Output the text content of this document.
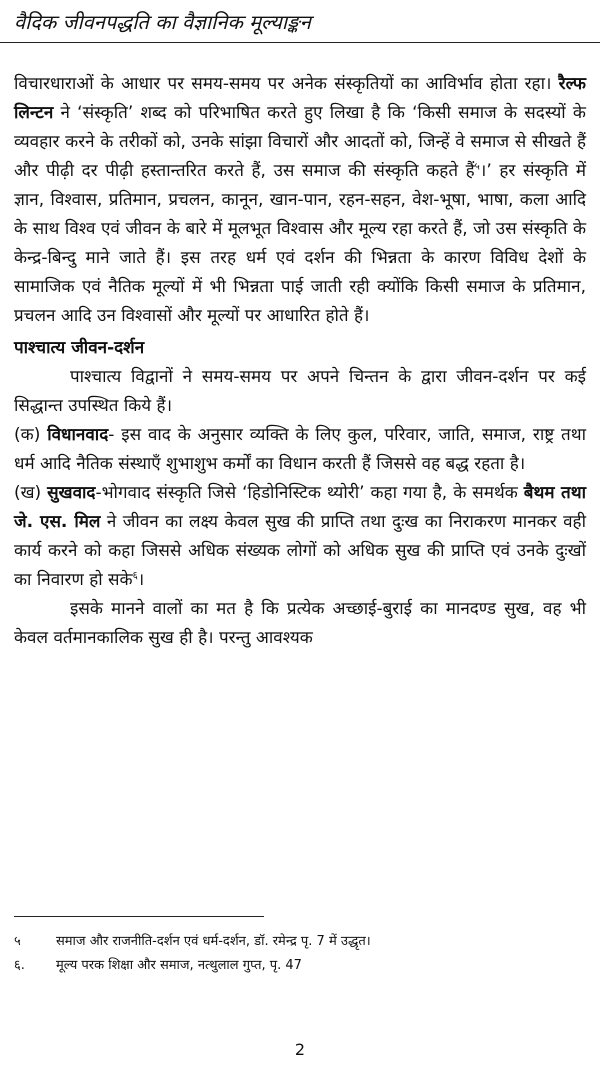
वैदिक जीवनपद्धति का वैज्ञानिक मूल्याङ्कन

विचारधाराओं के आधार पर समय-समय पर अनेक संस्कृतियों का आविर्भाव होता रहा। रैल्फ लिन्टन ने ‘संस्कृति’ शब्द को परिभाषित करते हुए लिखा है कि ‘किसी समाज के सदस्यों के व्यवहार करने के तरीकों को, उनके सांझा विचारों और आदतों को, जिन्हें वे समाज से सीखते हैं और पीढ़ी दर पीढ़ी हस्तान्तरित करते हैं, उस समाज की संस्कृति कहते हैं$^५$।’ हर संस्कृति में ज्ञान, विश्वास, प्रतिमान, प्रचलन, कानून, खान-पान, रहन-सहन, वेश-भूषा, भाषा, कला आदि के साथ विश्व एवं जीवन के बारे में मूलभूत विश्वास और मूल्य रहा करते हैं, जो उस संस्कृति के केन्द्र-बिन्दु माने जाते हैं। इस तरह धर्म एवं दर्शन की भिन्नता के कारण विविध देशों के सामाजिक एवं नैतिक मूल्यों में भी भिन्नता पाई जाती रही क्योंकि किसी समाज के प्रतिमान, प्रचलन आदि उन विश्वासों और मूल्यों पर आधारित होते हैं।

पाश्चात्य जीवन-दर्शन

पाश्चात्य विद्वानों ने समय-समय पर अपने चिन्तन के द्वारा जीवन-दर्शन पर कई सिद्धान्त उपस्थित किये हैं।

(क) विधानवाद- इस वाद के अनुसार व्यक्ति के लिए कुल, परिवार, जाति, समाज, राष्ट्र तथा धर्म आदि नैतिक संस्थाएँ शुभाशुभ कर्मों का विधान करती हैं जिससे वह बद्ध रहता है।

(ख) सुखवाद-भोगवाद संस्कृति जिसे ‘हिडोनिस्टिक थ्योरी’ कहा गया है, के समर्थक बैथम तथा जे. एस. मिल ने जीवन का लक्ष्य केवल सुख की प्राप्ति तथा दुःख का निराकरण मानकर वही कार्य करने को कहा जिससे अधिक संख्यक लोगों को अधिक सुख की प्राप्ति एवं उनके दुःखों का निवारण हो सके$^६$।

इसके मानने वालों का मत है कि प्रत्येक अच्छाई-बुराई का मानदण्ड सुख, वह भी केवल वर्तमानकालिक सुख ही है। परन्तु आवश्यक

५	समाज और राजनीति-दर्शन एवं धर्म-दर्शन, डॉ. रमेन्द्र पृ. 7 में उद्धृत।
६.	मूल्य परक शिक्षा और समाज, नत्थुलाल गुप्त, पृ. 47
2
